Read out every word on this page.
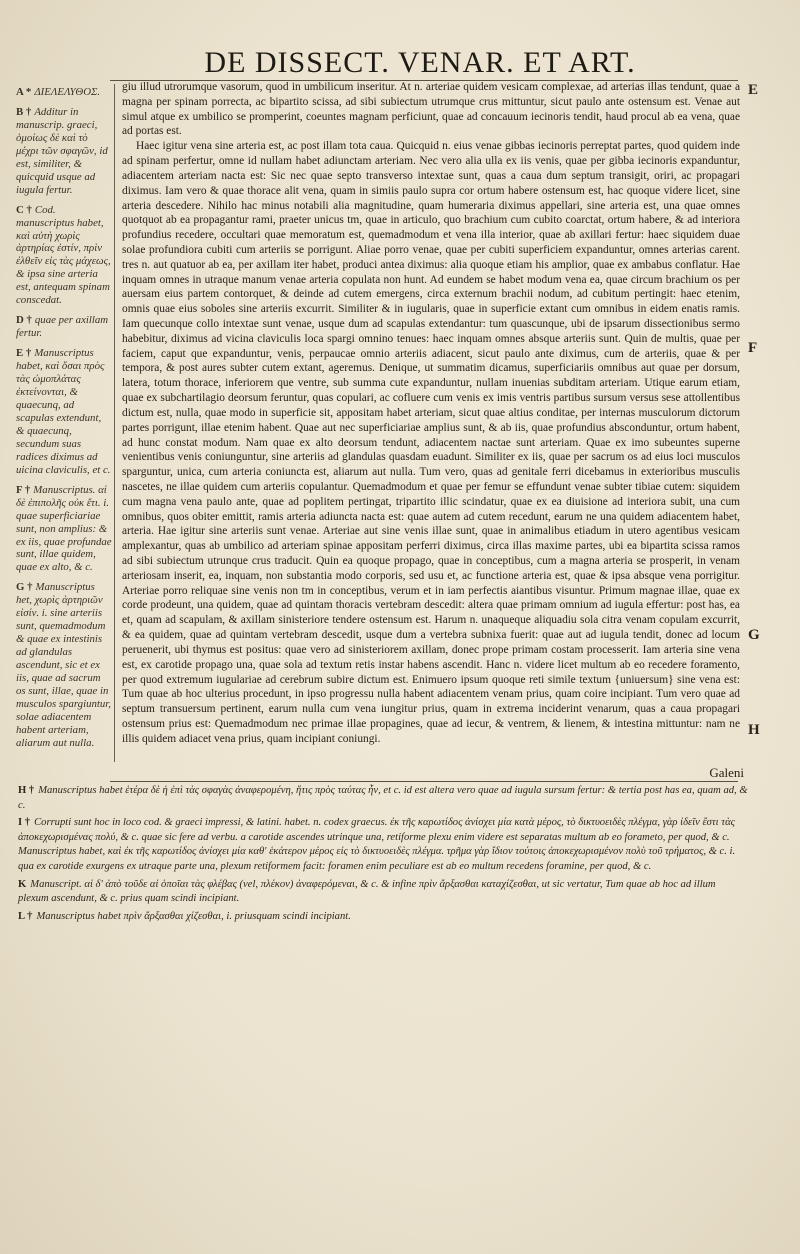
DE DISSECT. VENAR. ET ART.
A * ΔΙΕΛΕΛΥΘΟΣ.
B † Additur in manuscrip. graeci, ὁμοίως δὲ καὶ τὸ μέχρι τῶν σφαγῶν, id est, similiter, & quicquid usque ad iugula fertur.
C † Cod. manuscriptus habet, καὶ αὐτὴ χωρὶς ἀρτηρίας ἐστίν, πρὶν ἐλθεῖν εἰς τὰς μάχεως, & ipsa sine arteria est, antequam spinam conscedat.
D † quae per axillam fertur.
E † Manuscriptus habet, καὶ ὅσαι πρὸς τὰς ὠμοπλάτας ἐκτείνονται, & quaecunq, ad scapulas extendunt, & quaecunq, secundum suas radices diximus ad uicina claviculis, et c.
F † Manuscriptus. αἱ δὲ ἐπιπολῆς οὐκ ἔτι. i. quae superficiariae sunt, non amplius: & ex iis, quae profundae sunt, illae quidem, quae ex alto, & c.
G † Manuscriptus het, χωρὶς ἀρτηριῶν εἰσίν. i. sine arteriis sunt, quemadmodum & quae ex intestinis ad glandulas ascendunt, sic et ex iis, quae ad sacrum os sunt, illae, quae in musculos spargiuntur, solae adiacentem habent arteriam, aliarum aut nulla.

giu illud utrorumque vasorum, quod in umbilicum inseritur. At n. arteriae quidem vesicam complexae, ad arterias illas tendunt, quae a magna per spinam porrecta, ac bipartito scissa, ad sibi subiectum utrumque crus mittuntur, sicut paulo ante ostensum est. Venae aut simul atque ex umbilico se promperint, coeuntes magnam perficiunt, quae ad concauum iecinoris tendit, haud procul ab ea vena, quae ad portas est.

Haec igitur vena sine arteria est, ac post illam tota caua. Quicquid n. eius venae gibbas iecinoris perreptat partes, quod quidem inde ad spinam perfertur, omne id nullam habet adiunctam arteriam. Nec vero alia ulla ex iis venis, quae per gibba iecinoris expanduntur, adiacentem arteriam nacta est: Sic nec quae septo transverso intextae sunt, quas a caua dum septum transigit, oriri, ac propagari diximus. Iam vero & quae thorace alit vena, quam in simiis paulo supra cor ortum habere ostensum est, hac quoque videre licet, sine arteria descedere. Nihilo hac minus notabili alia magnitudine, quam humeraria diximus appellari, sine arteria est, una quae omnes quotquot ab ea propagantur rami, praeter unicus tm, quae in articulo, quo brachium cum cubito coarctat, ortum habere, & ad interiora profundius recedere, occultari quae memoratum est, quemadmodum et vena illa interior, quae ab axillari fertur: haec siquidem duae solae profundiora cubiti cum arteriis se porrigunt. Aliae porro venae, quae per cubiti superficiem expanduntur, omnes arterias carent. tres n. aut quatuor ab ea, per axillam iter habet, produci antea diximus: alia quoque etiam his amplior, quae ex ambabus conflatur. Hae inquam omnes in utraque manum venae arteria copulata non hunt. Ad eundem se habet modum vena ea, quae circum brachium os per auersam eius partem contorquet, & deinde ad cutem emergens, circa externum brachii nodum, ad cubitum pertingit: haec etenim, omnis quae eius soboles sine arteriis excurrit. Similiter & in iugularis, quae in superficie extant cum omnibus in eidem enatis ramis. Iam quecunque collo intextae sunt venae, usque dum ad scapulas extendantur: tum quascunque, ubi de ipsarum dissectionibus sermo habebitur, diximus ad vicina claviculis loca spargi omnino tenues: haec inquam omnes absque arteriis sunt. Quin de multis, quae per faciem, caput que expanduntur, venis, perpaucae omnio arteriis adiacent, sicut paulo ante diximus, cum de arteriis, quae & per tempora, & post aures subter cutem extant, ageremus. Denique, ut summatim dicamus, superficiariis omnibus aut quae per dorsum, latera, totum thorace, inferiorem que ventre, sub summa cute expanduntur, nullam inuenias subditam arteriam. Utique earum etiam, quae ex subchartilagio deorsum feruntur, quas copulari, ac cofluere cum venis ex imis ventris partibus sursum versus sese attollentibus dictum est, nulla, quae modo in superficie sit, appositam habet arteriam, sicut quae altius conditae, per internas musculorum dictorum partes porrigunt, illae etenim habent. Quae aut nec superficiariae amplius sunt, & ab iis, quae profundius absconduntur, ortum habent, ad hunc constat modum. Nam quae ex alto deorsum tendunt, adiacentem nactae sunt arteriam. Quae ex imo subeuntes superne venientibus venis coniunguntur, sine arteriis ad glandulas quasdam euadunt. Similiter ex iis, quae per sacrum os ad eius loci musculos sparguntur, unica, cum arteria coniuncta est, aliarum aut nulla. Tum vero, quas ad genitale ferri dicebamus in exterioribus musculis nascetes, ne illae quidem cum arteriis copulantur. Quemadmodum et quae per femur se effundunt venae subter tibiae cutem: siquidem cum magna vena paulo ante, quae ad poplitem pertingat, tripartito illic scindatur, quae ex ea diuisione ad interiora subit, una cum omnibus, quos obiter emittit, ramis arteria adiuncta nacta est: quae autem ad cutem recedunt, earum ne una quidem adiacentem habet, arteria. Hae igitur sine arteriis sunt venae. Arteriae aut sine venis illae sunt, quae in animalibus etiadum in utero agentibus vesicam amplexantur, quas ab umbilico ad arteriam spinae appositam perferri diximus, circa illas maxime partes, ubi ea bipartita scissa ramos ad sibi subiectum utrunque crus traducit. Quin ea quoque propago, quae in conceptibus, cum a magna arteria se prosperit, in venam arteriosam inserit, ea, inquam, non substantia modo corporis, sed usu et, ac functione arteria est, quae & ipsa absque vena porrigitur. Arteriae porro reliquae sine venis non tm in conceptibus, verum et in iam perfectis aiantibus visuntur. Primum magnae illae, quae ex corde prodeunt, una quidem, quae ad quintam thoracis vertebram descedit: altera quae primam omnium ad iugula effertur: post has, ea et, quam ad scapulam, & axillam sinisteriore tendere ostensum est. Harum n. unaqueque aliquadiu sola citra venam copulam excurrit, & ea quidem, quae ad quintam vertebram descedit, usque dum a vertebra subnixa fuerit: quae aut ad iugula tendit, donec ad locum peruenerit, ubi thymus est positus: quae vero ad sinisteriorem axillam, donec prope primam costam processerit. Iam arteria sine vena est, ex carotide propago una, quae sola ad textum retis instar habens ascendit. Hanc n. videre licet multum ab eo recedere foramento, per quod extremum iugulariae ad cerebrum subire dictum est. Enimuero ipsum quoque reti simile textum {uniuersum} sine vena est: Tum quae ab hoc ulterius procedunt, in ipso progressu nulla habent adiacentem venam prius, quam coire incipiant. Tum vero quae ad septum transuersum pertinent, earum nulla cum vena iungitur prius, quam in extrema inciderint venarum, quas a caua propagari ostensum prius est: Quemadmodum nec primae illae propagines, quae ad iecur, & ventrem, & lienem, & intestina mittuntur: nam ne illis quidem adiacet vena prius, quam incipiant coniungi.

E
F
G
H
Galeni

H † Manuscriptus habet ἑτέρα δὲ ἡ ἐπὶ τὰς σφαγὰς ἀναφερομένη, ἥτις πρὸς ταύτας ἦν, et c. id est altera vero quae ad iugula sursum fertur: & tertia post has ea, quam ad, & c.

I † Corrupti sunt hoc in loco cod. & graeci impressi, & latini. habet. n. codex graecus. ἐκ τῆς καρωτίδος ἀνίσχει μία κατὰ μέρος, τὸ δικτυοειδὲς πλέγμα, γὰρ ἰδεῖν ἔστι τὰς ἀποκεχωρισμένας πολύ, & c. quae sic fere ad verbu. a carotide ascendes utrinque una, retiforme plexu enim videre est separatas multum ab eo forameto, per quod, & c. Manuscriptus habet, καὶ ἐκ τῆς καρωτίδος ἀνίσχει μία καθ' ἑκάτερον μέρος εἰς τὸ δικτυοειδὲς πλέγμα. τρῆμα γὰρ ἴδιον τούτοις ἀποκεχωρισμένον πολὺ τοῦ τρήματος, & c. i. qua ex carotide exurgens ex utraque parte una, plexum retiformem facit: foramen enim peculiare est ab eo multum recedens foramine, per quod, & c.

K Manuscript. αἱ δ' ἀπὸ τοῦδε αἱ ὁποῖαι τὰς φλέβας (vel, πλέκον) ἀναφερόμεναι, & c. & infine πρὶν ἄρξασθαι καταχίζεσθαι, ut sic vertatur, Tum quae ab hoc ad illum plexum ascendunt, & c. prius quam scindi incipiant.

L † Manuscriptus habet πρὶν ἄρξασθαι χίζεσθαι, i. priusquam scindi incipiant.
